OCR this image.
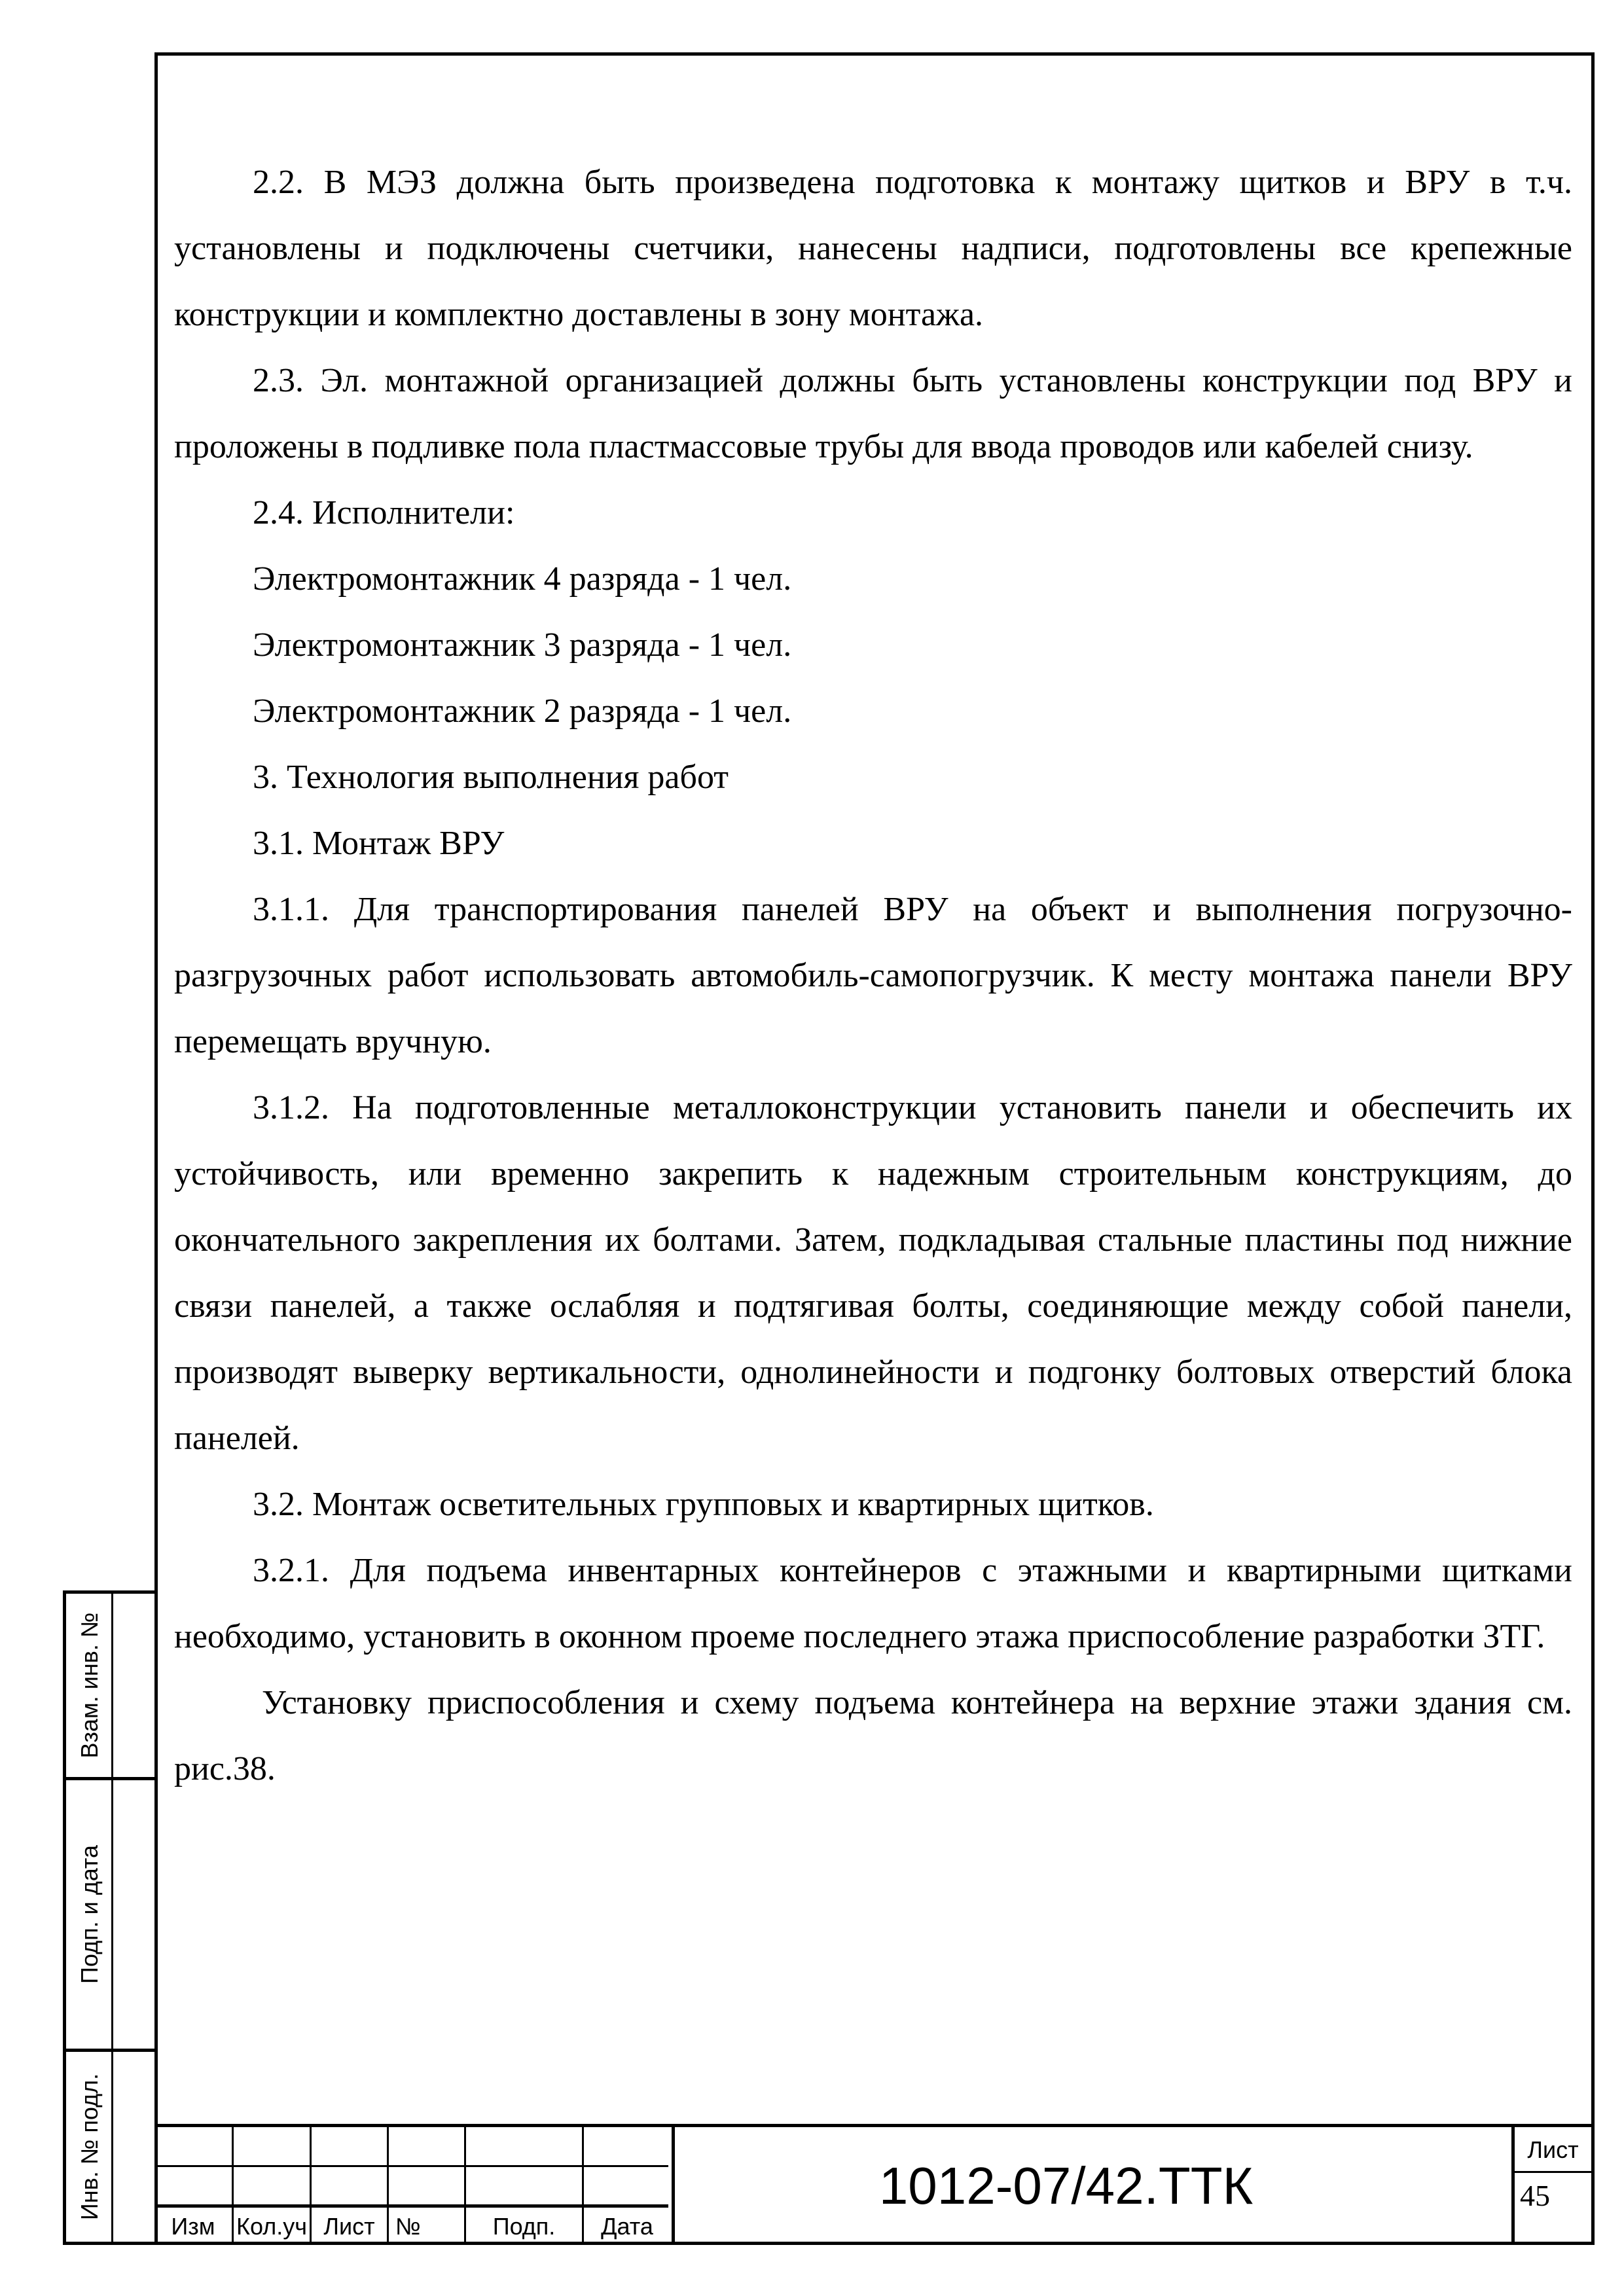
2.2. В МЭЗ должна быть произведена подготовка к монтажу щитков и ВРУ в т.ч. установлены и подключены счетчики, нанесены надписи, подготовлены все крепежные конструкции и комплектно доставлены в зону монтажа.

2.3. Эл. монтажной организацией должны быть установлены конструкции под ВРУ и проложены в подливке пола пластмассовые трубы для ввода проводов или кабелей снизу.

2.4. Исполнители:

Электромонтажник 4 разряда - 1 чел.

Электромонтажник 3 разряда - 1 чел.

Электромонтажник 2 разряда - 1 чел.

3. Технология выполнения работ

3.1. Монтаж ВРУ

3.1.1. Для транспортирования панелей ВРУ на объект и выполнения погрузочно-разгрузочных работ использовать автомобиль-самопогрузчик. К месту монтажа панели ВРУ перемещать вручную.

3.1.2. На подготовленные металлоконструкции установить панели и обеспечить их устойчивость, или временно закрепить к надежным строительным конструкциям, до окончательного закрепления их болтами. Затем, подкладывая стальные пластины под нижние связи панелей, а также ослабляя и подтягивая болты, соединяющие между собой панели, производят выверку вертикальности, однолинейности и подгонку болтовых отверстий блока панелей.

3.2. Монтаж осветительных групповых и квартирных щитков.

3.2.1. Для подъема инвентарных контейнеров с этажными и квартирными щитками необходимо, установить в оконном проеме последнего этажа приспособление разработки ЗТГ.

Установку приспособления и схему подъема контейнера на верхние этажи здания см. рис.38.

Взам. инв. №
Подп. и дата
Инв. № подл.
Изм Кол.уч Лист №	Подп.	Дата
1012-07/42.ТТК
Лист
45
